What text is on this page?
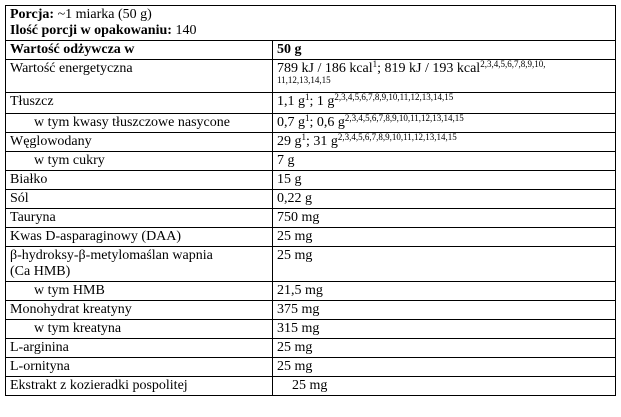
Porcja: ~1 miarka (50 g)
Ilość porcji w opakowaniu: 140	

Wartość odżywcza w	50 g
Wartość energetyczna	789 kJ / 186 kcal$^1$; 819 kJ / 193 kcal$^{2,3,4,5,6,7,8,9,10,}$
11,12,13,14,15

Tłuszcz	1,1 $g^1$; 1 $g^{2,3,4,5,6,7,8,9,10,11,12,13,14,15}$
w tym kwasy tłuszczowe nasycone	0,7 $g^1$; 0,6 $g^{2,3,4,5,6,7,8,9,10,11,12,13,14,15}$
Węglowodany	29 $g^1$; 31 $g^{2,3,4,5,6,7,8,9,10,11,12,13,14,15}$
w tym cukry	7 g
Białko	15 g
Sól	0,22 g
Tauryna	750 mg
Kwas D-asparaginowy (DAA)	25 mg

β-hydroksy-β-metylomaślan wapnia
(Ca HMB)	25 mg
w tym HMB	21,5 mg
Monohydrat kreatyny	375 mg
w tym kreatyna	315 mg
L-arginina	25 mg
L-ornityna	25 mg
Ekstrakt z kozieradki pospolitej	25 mg
